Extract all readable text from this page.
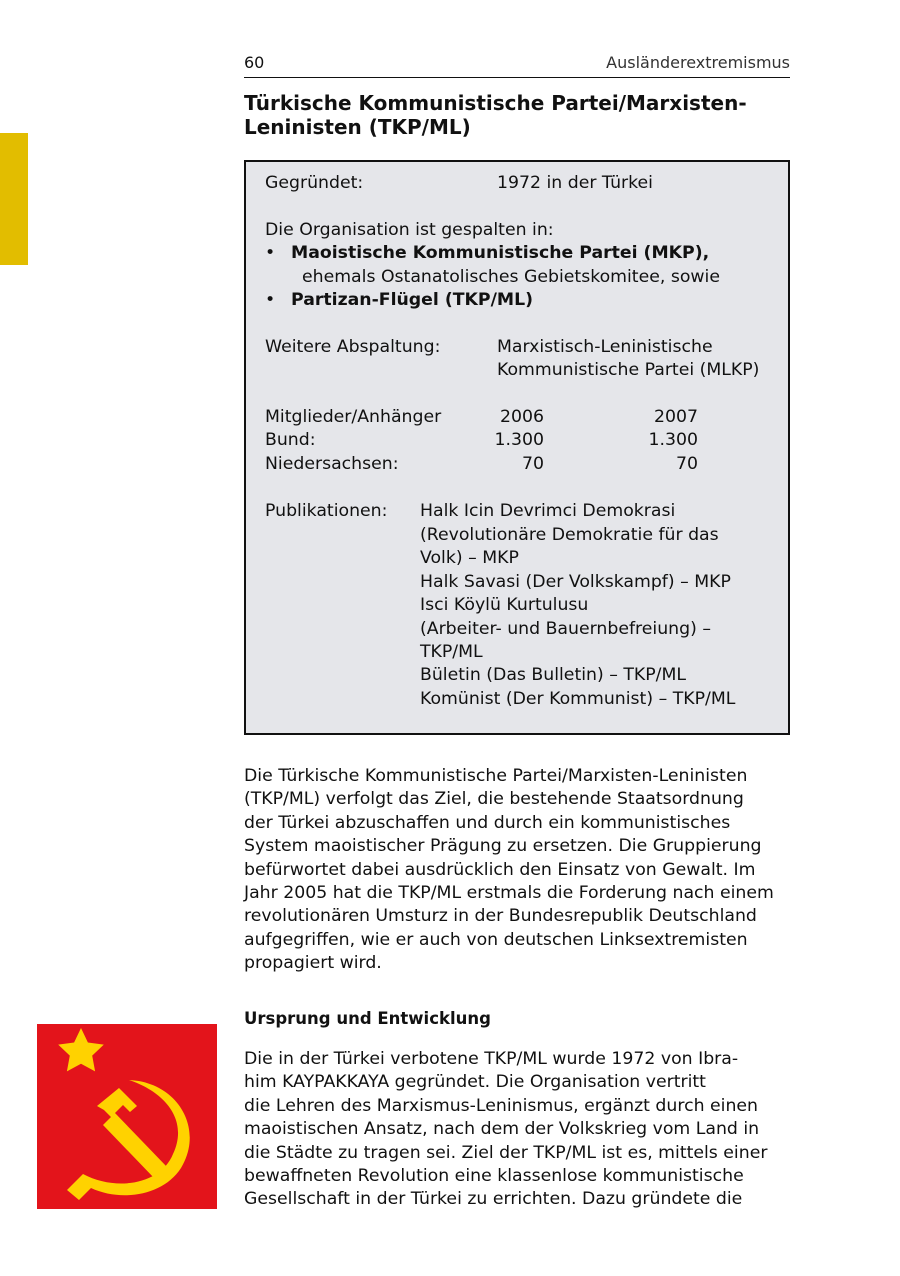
60	Ausländerextremismus
Türkische Kommunistische Partei/Marxisten-
Leninisten (TKP/ML)
Gegründet:	1972 in der Türkei
Die Organisation ist gespalten in:
• Maoistische Kommunistische Partei (MKP),
ehemals Ostanatolisches Gebietskomitee, sowie
• Partizan-Flügel (TKP/ML)
Weitere Abspaltung:	Marxistisch-Leninistische
Kommunistische Partei (MLKP)
Mitglieder/Anhänger	2006	2007
Bund:	1.300	1.300
Niedersachsen:	70	70
Publikationen: Halk Icin Devrimci Demokrasi
(Revolutionäre Demokratie für das
Volk) – MKP
Halk Savasi (Der Volkskampf) – MKP
Isci Köylü Kurtulusu
(Arbeiter- und Bauernbefreiung) –
TKP/ML
Bületin (Das Bulletin) – TKP/ML
Komünist (Der Kommunist) – TKP/ML

Die Türkische Kommunistische Partei/Marxisten-Leninisten
(TKP/ML) verfolgt das Ziel, die bestehende Staatsordnung
der Türkei abzuschaffen und durch ein kommunistisches
System maoistischer Prägung zu ersetzen. Die Gruppierung
befürwortet dabei ausdrücklich den Einsatz von Gewalt. Im
Jahr 2005 hat die TKP/ML erstmals die Forderung nach einem
revolutionären Umsturz in der Bundesrepublik Deutschland
aufgegriffen, wie er auch von deutschen Linksextremisten
propagiert wird.

Ursprung und Entwicklung

Die in der Türkei verbotene TKP/ML wurde 1972 von Ibra-
him KAYPAKKAYA gegründet. Die Organisation vertritt
die Lehren des Marxismus-Leninismus, ergänzt durch einen
maoistischen Ansatz, nach dem der Volkskrieg vom Land in
die Städte zu tragen sei. Ziel der TKP/ML ist es, mittels einer
bewaffneten Revolution eine klassenlose kommunistische
Gesellschaft in der Türkei zu errichten. Dazu gründete die
